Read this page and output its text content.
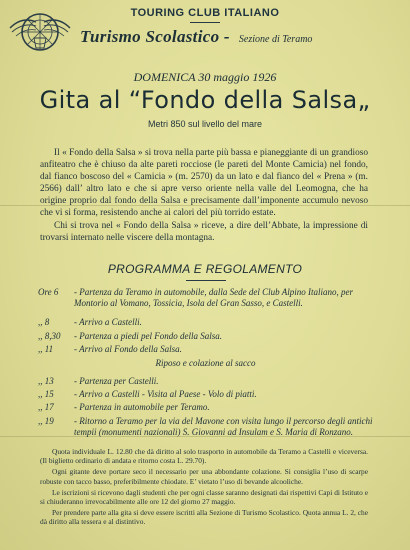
TOURING CLUB ITALIANO
Turismo Scolastico - Sezione di Teramo
DOMENICA 30 maggio 1926
Gita al “Fondo della Salsa„
Metri 850 sul livello del mare

Il « Fondo della Salsa » si trova nella parte più bassa e pianeggiante di un grandioso anfiteatro che è chiuso da alte pareti rocciose (le pareti del Monte Camicia) nel fondo, dal fianco boscoso del « Camicia » (m. 2570) da un lato e dal fianco del « Prena » (m. 2566) dall’ altro lato e che si apre verso oriente nella valle del Leomogna, che ha origine proprio dal fondo della Salsa e precisamente dall’imponente accumulo nevoso che vi si forma, resistendo anche ai calori del più torrido estate.

Chi si trova nel « Fondo della Salsa » riceve, a dire dell’Abbate, la impressione di trovarsi internato nelle viscere della montagna.

PROGRAMMA E REGOLAMENTO
Ore 6	- Partenza da Teramo in automobile, dalla Sede del Club Alpino Italiano, per Montorio al Vomano, Tossicia, Isola del Gran Sasso, e Castelli.
,, 8	- Arrivo a Castelli.
,, 8,30	- Partenza a piedi pel Fondo della Salsa.
,, 11	- Arrivo al Fondo della Salsa.
Riposo e colazione al sacco
,, 13	- Partenza per Castelli.
,, 15	- Arrivo a Castelli - Visita al Paese - Volo di piatti.
,, 17	- Partenza in automobile per Teramo.
,, 19	- Ritorno a Teramo per la via del Mavone con visita lungo il percorso degli antichi tempii (monumenti nazionali) S. Giovanni ad Insulam e S. Maria di Ronzano.

Quota individuale L. 12.80 che dà diritto al solo trasporto in automobile da Teramo a Castelli e viceversa. (Il biglietto ordinario di andata e ritorno costa L. 29.70).

Ogni gitante deve portare seco il necessario per una abbondante colazione. Si consiglia l’uso di scarpe robuste con tacco basso, preferibilmente chiodate. E’ vietato l’uso di bevande alcooliche.

Le iscrizioni si ricevono dagli studenti che per ogni classe saranno designati dai rispettivi Capi di Istituto e si chiuderanno irrevocabilmente alle ore 12 del giorno 27 maggio.

Per prendere parte alla gita si deve essere iscritti alla Sezione di Turismo Scolastico. Quota annua L. 2, che dà diritto alla tessera e al distintivo.
